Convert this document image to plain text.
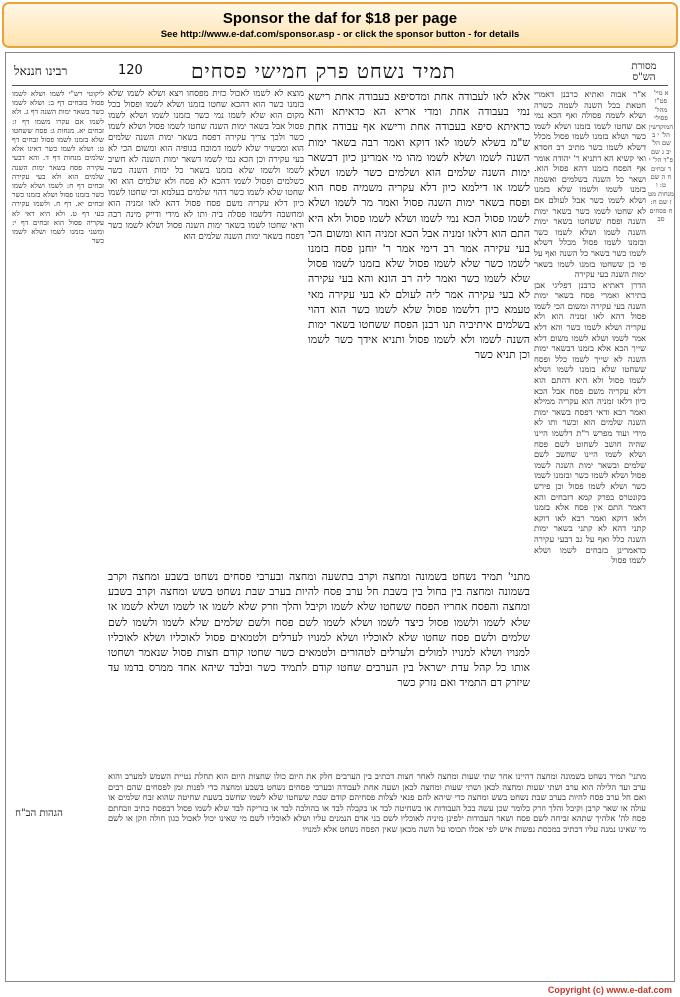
Sponsor the daf for $18 per page
See http://www.e-daf.com/sponsor.asp - or click the sponsor button - for details
רבינו חננאל	120 תמיד נשחט פרק חמישי פסחים	מסורת הש"ס

ליקוטי רש"י לשמו ושלא לשמו פסול בזבחים דף ב: ושלא לשמו כשר בשאר ימות השנה דף ג. ולא לשמו אם עקרו משמו דף ז: זבחים יא. מנחות ג: פסח ששחטו שלא בזמנו לשמו פסול זבחים דף ט: ושלא לשמו כשר דאינו אלא שלמים מנחות דף ד. והא דבעי עקירה פסח בשאר ימות השנה שלמים הוא ולא בעי עקירה זבחים דף ח: לשמו ושלא לשמו כשר בזמנו פסול ושלא בזמנו כשר זבחים יא. דף ח. ולשמו עקירה בעי דף ט. ולא היא דאי לא עקריה פסול הוא זבחים דף י: ומשני בזמנו לשמו ושלא לשמו כשר

מוצא לא לשמו לאכול כזית מפסחו ויצא ושלא לשמו שלא בזמנו כשר הוא דהכא שחטו בזמנו ושלא לשמו ופסול בכל מקום הוא שלא לשמו נמי כשר בזמנו לשמו ושלא לשמו פסול אבל בשאר ימות השנה שחטו לשמו פסול ושלא לשמו כשר ולכך צריך עקירה דפסח בשאר ימות השנה שלמים הוא ומכשיר שלא לשמו דמוכח בגופיה הוא ומשום הכי לא בעי עקירה וכן הכא נמי לשמו דשאר ימות השנה לא חשיב לשמו ולשמו שלא בזמנו בשאר כל ימות השנה כשר כשלמים ופסול לשמו דהכא לא פסח ולא שלמים הוא ואי שחטו שלא לשמו כשר דהוי שלמים בעלמא וכי שחטו לשמו כיון דלא עקריה משם פסח פסול דהא לאו זמניה הוא ומחשבה דלשמו פסלה ביה ותו לא מידי ודייק מינה רבה ודאי שחטו לשמו בשאר ימות השנה פסול ושלא לשמו כשר דפסח בשאר ימות השנה שלמים הוא

אלא לאו לעבודה אחת ומדסיפא בעבודה אחת רישא נמי בעבודה אחת ומדי אריא הא כדאיתא והא כדאיתא סיפא בעבודה אחת ורישא אף עבודה אחת ש"מ בשלא לשמו לאו דוקא ואמר רבה בשאר ימות השנה לשמו ושלא לשמו מהו מי אמרינן כיון דבשאר ימות השנה שלמים הוא ושלמים כשר לשמו ושלא לשמו או דילמא כיון דלא עקריה משמיה פסח הוא ופסח בשאר ימות השנה פסול ואמר מר לשמו ושלא לשמו פסול הכא נמי לשמו ושלא לשמו פסול ולא היא התם הוא דלאו זמניה אבל הכא זמניה הוא ומשום הכי בעי עקירה אמר רב דימי אמר ר' יוחנן פסח בזמנו לשמו כשר שלא לשמו פסול שלא בזמנו לשמו פסול שלא לשמו כשר ואמר ליה רב הונא והא בעי עקירה לא בעי עקירה אמר ליה לעולם לא בעי עקירה מאי טעמא כיון דלשמו פסול שלא לשמו כשר הוא דהוי בשלמים איתיביה תנו רבנן הפסח ששחטו בשאר ימות השנה לשמו ולא לשמו פסול ותניא אידך כשר לשמו וכן תניא כשר

א"ר אבוה ואתיא כרבנן דאמרי חטאת בכל השנה לשמה כשרה ושלא לשמה פסולה ואף הכא נמי אם שחטו לשמו בזמנו ושלא לשמו כשר ושלא בזמנו לשמו פסול מכלל דשלא לשמו כשר מתיב רב חסדא ואי קשיא הא דתניא ר' יהודה אומר אף הפסח בזמנו דהא פסול הוא. ושאר כל השנה בשלמים ואשמה בזמנו לשמו ולשמו שלא בזמנו ושלא לשמו כשר אבל לעולם אם לא שחטו לשמו כשר בשאר ימות השנה ופסח ששחטו בשאר ימות השנה לשמו ושלא לשמו כשר ובזמנו לשמו פסול מכלל דשלא לשמו כשר בשאר כל השנה ואף על פי כן ששחטו בזמנו לשמו בשאר ימות השנה בעי עקירה

הדרן דאתיא כרבנן דפליגי אבן בתירא ואמרי פסח בשאר ימות השנה בעי עקירה ומשום הכי לשמו פסול דהא לאו זמניה הוא ולא עקריה ושלא לשמו כשר והא דלא אמר לשמו ושלא לשמו משום דלא שייך הכא אלא בזמנו דבשאר ימות השנה לא שייך לשמו כלל ופסח ששחטו שלא בזמנו לשמו ושלא לשמו פסול ולא היא דהתם הוא דלא עקריה משם פסח אבל הכא כיון דלאו זמניה הוא עקריה ממילא ואמר רבא ודאי דפסח בשאר ימות השנה שלמים הוא וכשר ותו לא מידי ועוד מפרש ר"ת דלשמו היינו שהיה חושב לשחוט לשם פסח ושלא לשמו היינו שחשב לשם שלמים ובשאר ימות השנה לשמו פסול ושלא לשמו כשר ובזמנו לשמו כשר ושלא לשמו פסול וכן פירש בקונטרס בפרק קמא דזבחים והא דאמר התם אין פסח אלא בזמנו ולאו דוקא ואמר רבא לאו דוקא קתני דהא לא קתני בשאר ימות השנה כלל ואף על גב דבעי עקירה כדאמרינן בזבחים לשמו ושלא לשמו פסול

א מיי' פט"ו מהל' פסולי המוקדשין הל' י ב שם הל' יב ג שם פ"ד הל' י ד זבחים ח ה שם ט: ו מנחות מט ז שם ח: ח פסחים סב

מתני' תמיד נשחט בשמונה ומחצה וקרב בתשעה ומחצה ובערבי פסחים נשחט בשבע ומחצה וקרב בשמונה ומחצה בין בחול בין בשבת חל ערב פסח להיות בערב שבת נשחט בשש ומחצה וקרב בשבע ומחצה והפסח אחריו הפסח ששחטו שלא לשמו וקיבל והלך וזרק שלא לשמו או לשמו ושלא לשמו או שלא לשמו ולשמו פסול כיצד לשמו ושלא לשמו לשם פסח ולשם שלמים שלא לשמו ולשמו לשם שלמים ולשם פסח שחטו שלא לאוכליו ושלא למנויו לערלים ולטמאים פסול לאוכליו ושלא לאוכליו למנויו ושלא למנויו למולים ולערלים לטהורים ולטמאים כשר שחטו קודם חצות פסול שנאמר ושחטו אותו כל קהל עדת ישראל בין הערבים שחטו קודם לתמיד כשר ובלבד שיהא אחד ממרס בדמו עד שיזרק דם התמיד ואם נזרק כשר

מתני' תמיד נשחט בשמונה ומחצה דהיינו אחר שתי שעות ומחצה לאחר חצות דכתיב בין הערבים חלק את היום כולו שחצות היום הוא תחלת נטיית השמש למערב והוא ערב ועד הלילה הוא ערב ושתי שעות ומחצה לכאן ושתי שעות ומחצה לכאן ושעה אחת לעבודה ובערבי פסחים נשחט בשבע ומחצה כדי לפנות זמן לפסחים שהם רבים ואם חל ערב פסח להיות בערב שבת נשחט בשש ומחצה כדי שיהא להם פנאי לצלות פסחיהם קודם שבת ששחטו שלא לשמו שחשב בשעת שחיטה שהוא זבח שלמים או עולה או שאר קרבן וקיבל והלך וזרק כלומר שכן עשה בכל העבודות או בשחיטה לבד או בקבלה לבד או בהולכה לבד או בזריקה לבד שלא לשמו פסול דבפסח כתיב וזבחתם פסח לה' אלהיך שתהא זביחה לשם פסח ושאר העבודות ילפינן מיניה לאוכליו לשם בני אדם הנמנים עליו ושלא לאוכליו לשם מי שאינו יכול לאכול כגון חולה וזקן או לשם מי שאינו נמנה עליו דכתיב במכסת נפשות איש לפי אכלו תכוסו על השה מכאן שאין הפסח נשחט אלא למנויו

הגהות הב"ח
Copyright (c) www.e-daf.com
